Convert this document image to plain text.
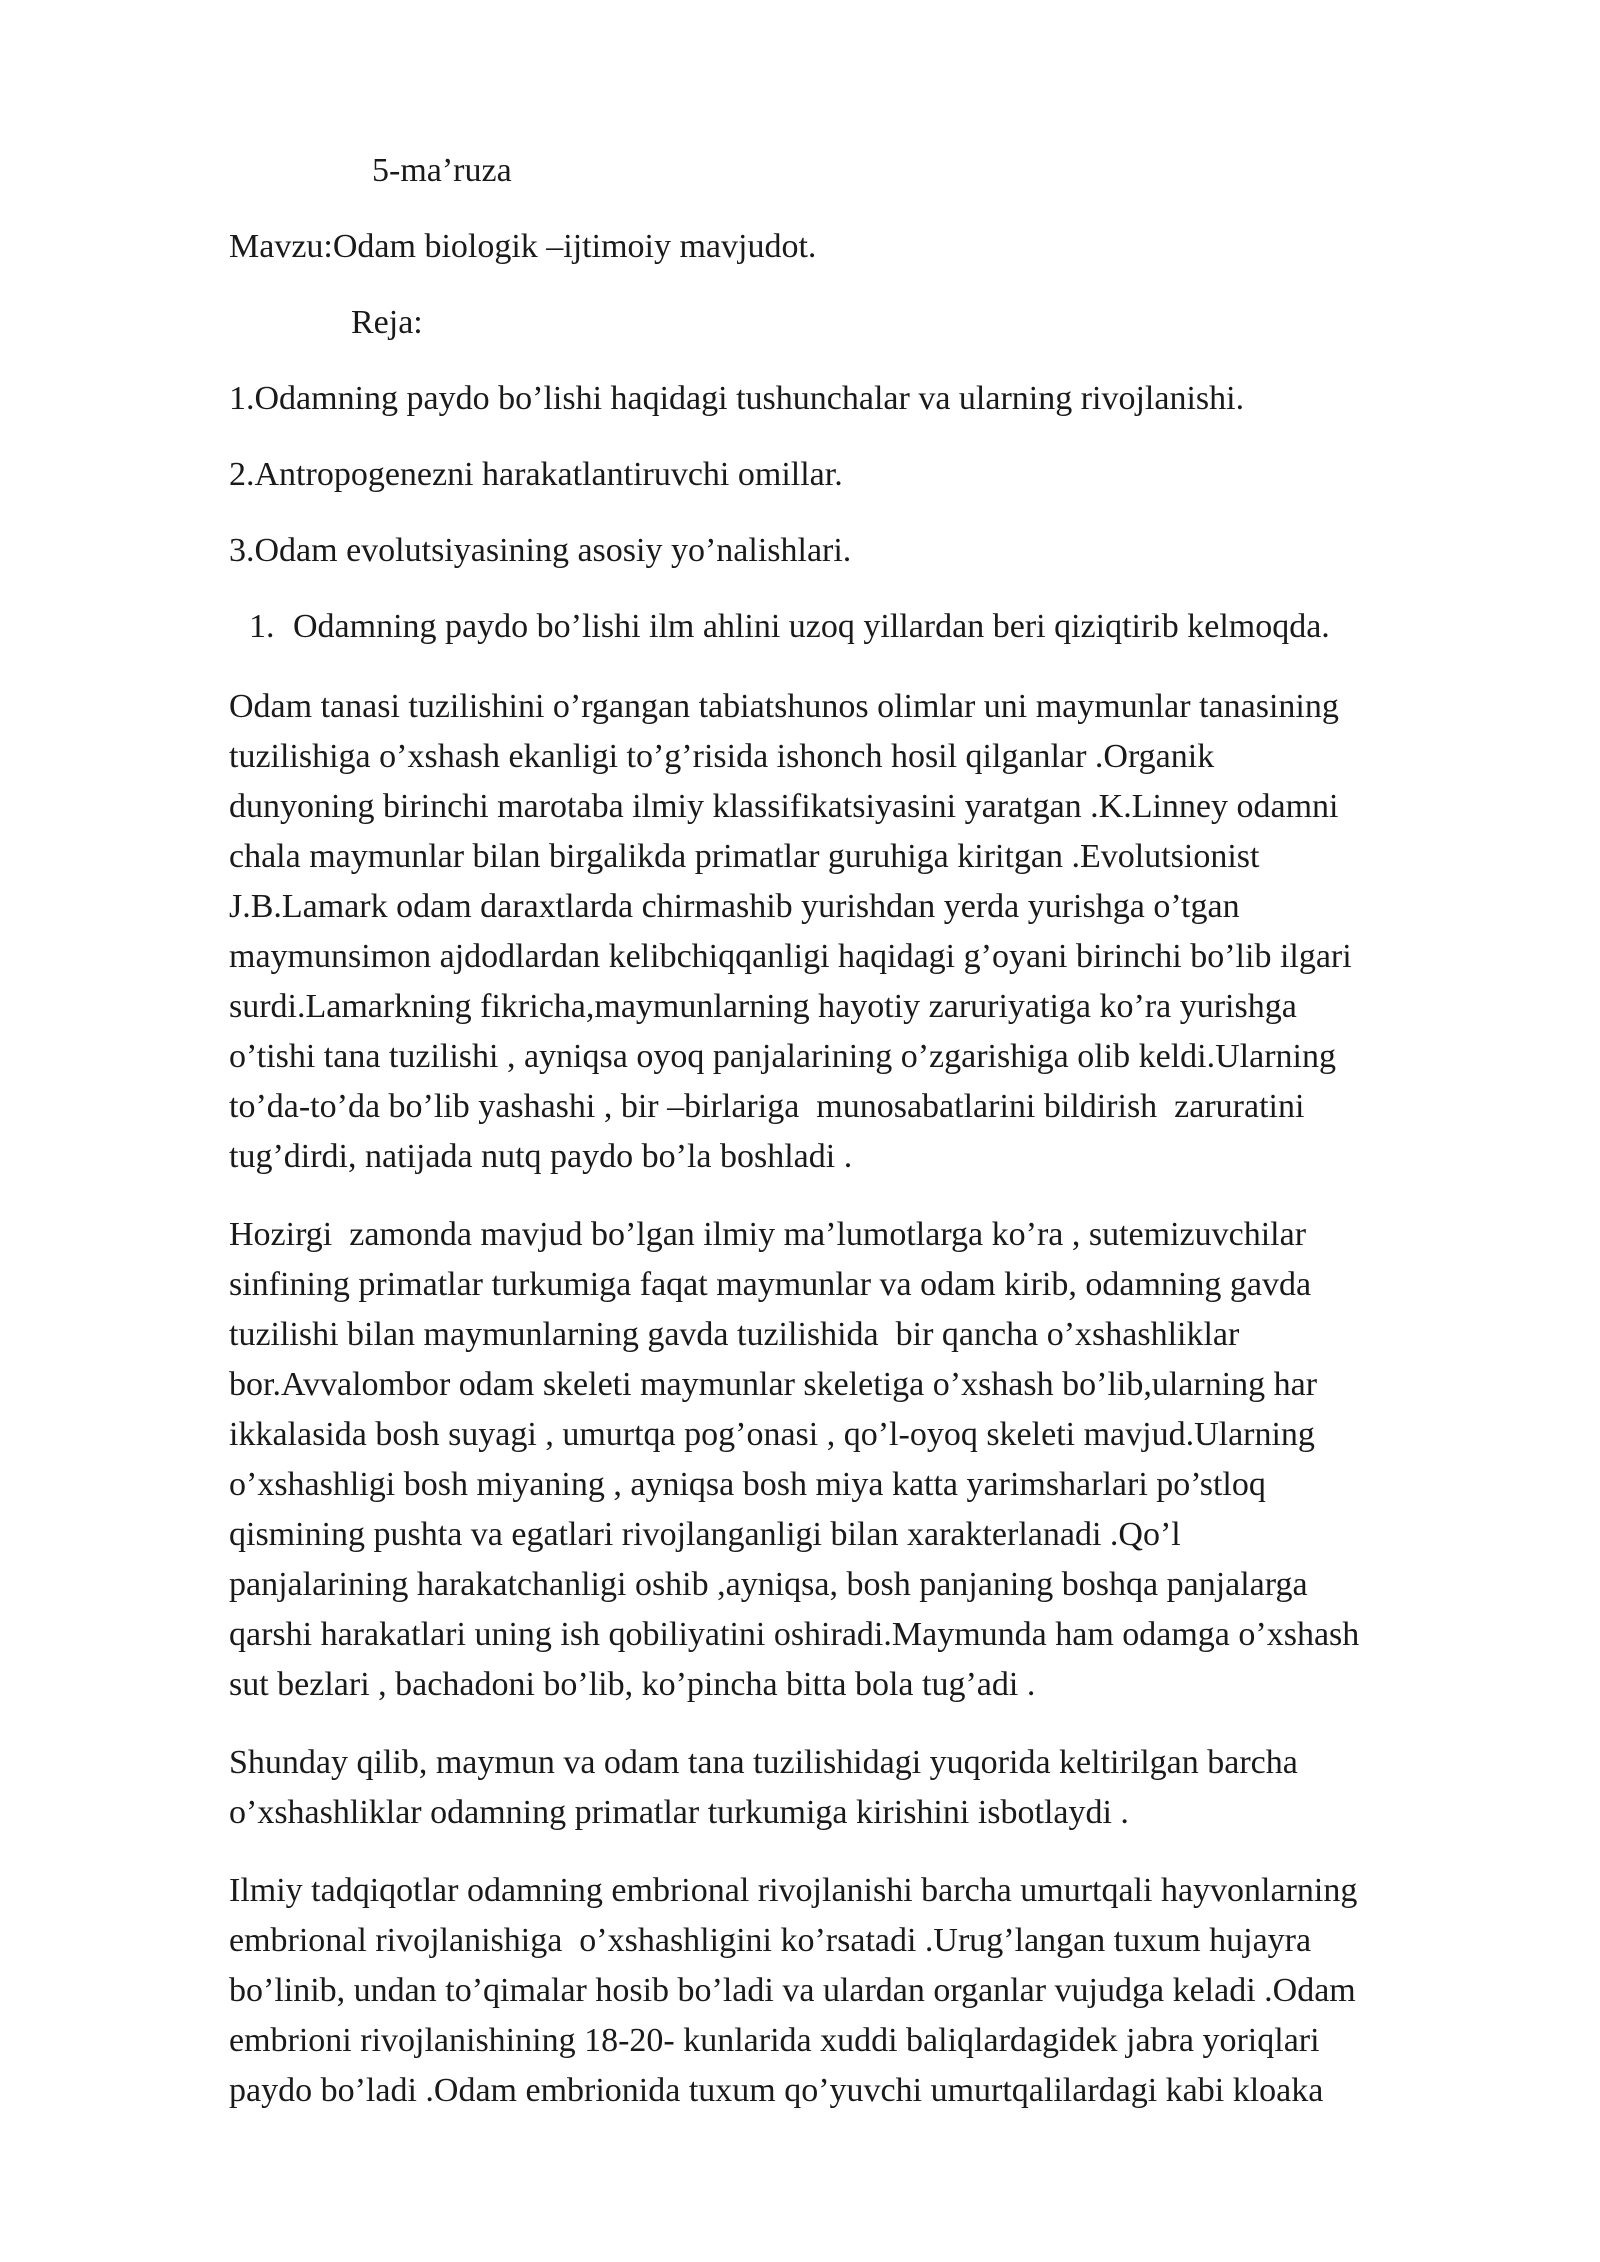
5-ma’ruza

Mavzu:Odam biologik –ijtimoiy mavjudot.

Reja:

1.Odamning paydo bo’lishi haqidagi tushunchalar va ularning rivojlanishi.
2.Antropogenezni harakatlantiruvchi omillar.
3.Odam evolutsiyasining asosiy yo’nalishlari.
1. Odamning paydo bo’lishi ilm ahlini uzoq yillardan beri qiziqtirib kelmoqda.

Odam tanasi tuzilishini o’rgangan tabiatshunos olimlar uni maymunlar tanasining
tuzilishiga o’xshash ekanligi to’g’risida ishonch hosil qilganlar .Organik
dunyoning birinchi marotaba ilmiy klassifikatsiyasini yaratgan .K.Linney odamni
chala maymunlar bilan birgalikda primatlar guruhiga kiritgan .Evolutsionist
J.B.Lamark odam daraxtlarda chirmashib yurishdan yerda yurishga o’tgan
maymunsimon ajdodlardan kelibchiqqanligi haqidagi g’oyani birinchi bo’lib ilgari
surdi.Lamarkning fikricha,maymunlarning hayotiy zaruriyatiga ko’ra yurishga
o’tishi tana tuzilishi , ayniqsa oyoq panjalarining o’zgarishiga olib keldi.Ularning
to’da-to’da bo’lib yashashi , bir –birlariga  munosabatlarini bildirish  zaruratini
tug’dirdi, natijada nutq paydo bo’la boshladi .

Hozirgi  zamonda mavjud bo’lgan ilmiy ma’lumotlarga ko’ra , sutemizuvchilar
sinfining primatlar turkumiga faqat maymunlar va odam kirib, odamning gavda
tuzilishi bilan maymunlarning gavda tuzilishida  bir qancha o’xshashliklar
bor.Avvalombor odam skeleti maymunlar skeletiga o’xshash bo’lib,ularning har
ikkalasida bosh suyagi , umurtqa pog’onasi , qo’l-oyoq skeleti mavjud.Ularning
o’xshashligi bosh miyaning , ayniqsa bosh miya katta yarimsharlari po’stloq
qismining pushta va egatlari rivojlanganligi bilan xarakterlanadi .Qo’l
panjalarining harakatchanligi oshib ,ayniqsa, bosh panjaning boshqa panjalarga
qarshi harakatlari uning ish qobiliyatini oshiradi.Maymunda ham odamga o’xshash
sut bezlari , bachadoni bo’lib, ko’pincha bitta bola tug’adi .

Shunday qilib, maymun va odam tana tuzilishidagi yuqorida keltirilgan barcha
o’xshashliklar odamning primatlar turkumiga kirishini isbotlaydi .

Ilmiy tadqiqotlar odamning embrional rivojlanishi barcha umurtqali hayvonlarning
embrional rivojlanishiga  o’xshashligini ko’rsatadi .Urug’langan tuxum hujayra
bo’linib, undan to’qimalar hosib bo’ladi va ulardan organlar vujudga keladi .Odam
embrioni rivojlanishining 18-20- kunlarida xuddi baliqlardagidek jabra yoriqlari
paydo bo’ladi .Odam embrionida tuxum qo’yuvchi umurtqalilardagi kabi kloaka
